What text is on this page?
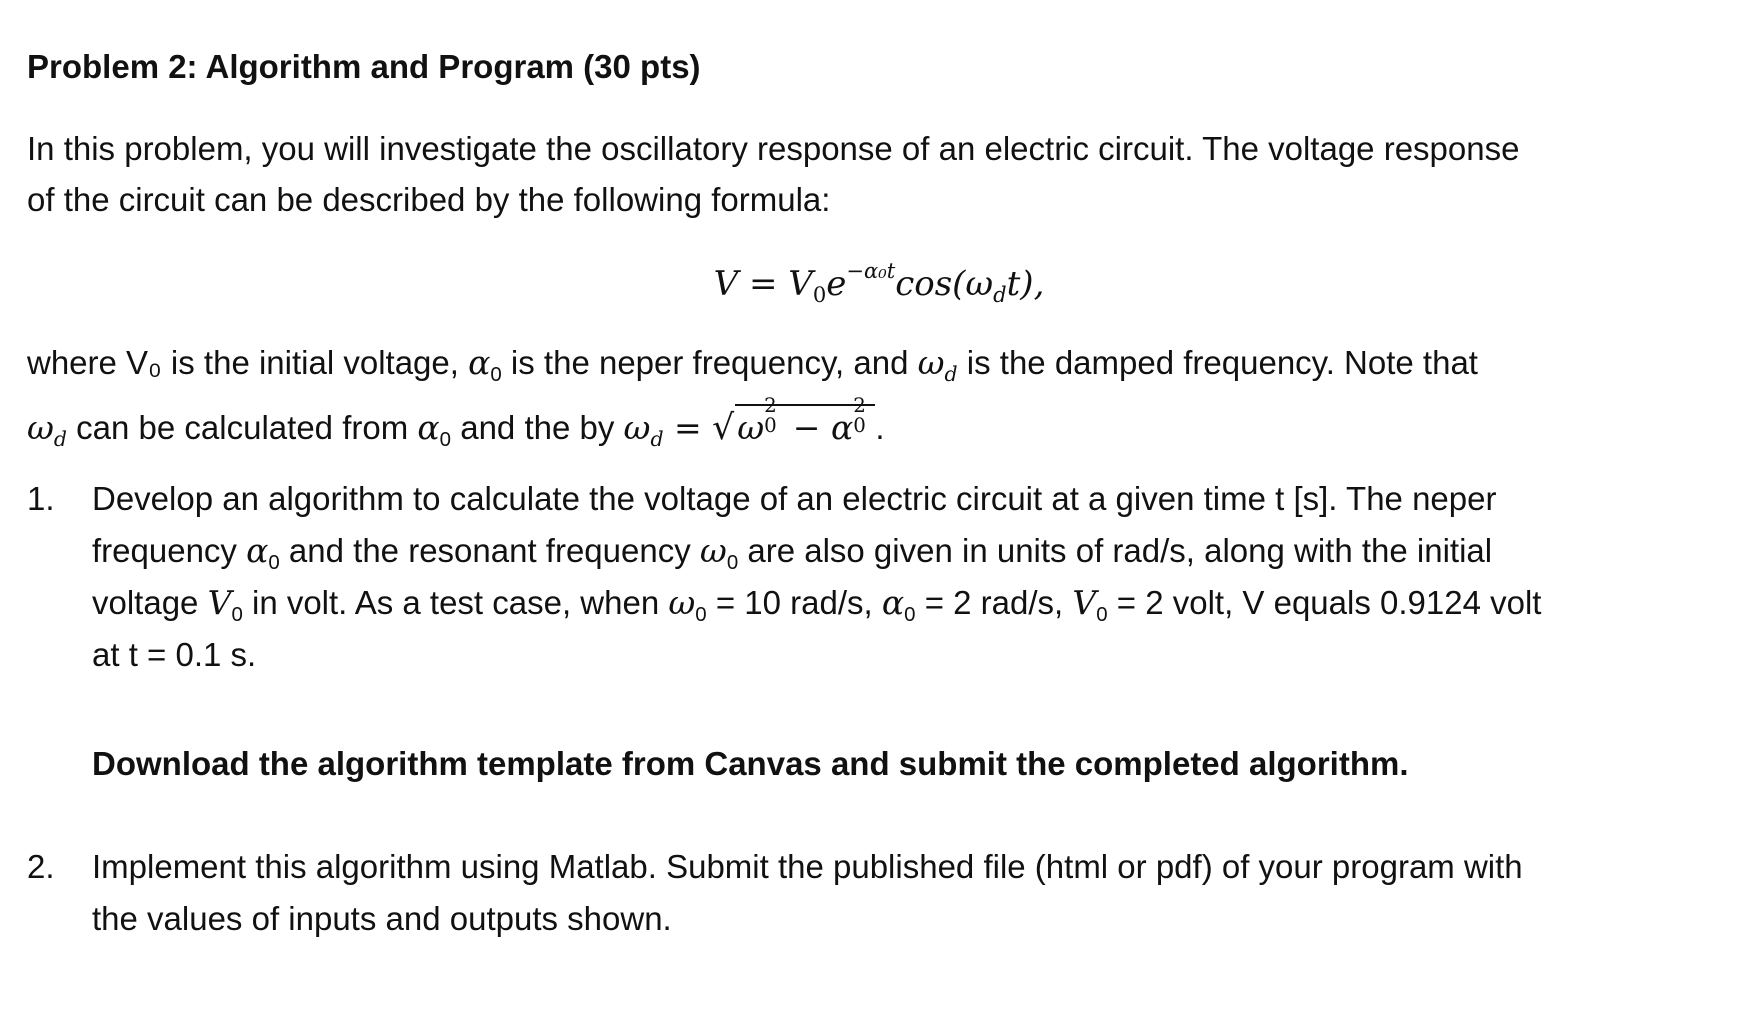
Problem 2: Algorithm and Program (30 pts)
In this problem, you will investigate the oscillatory response of an electric circuit. The voltage response
of the circuit can be described by the following formula:
$V = V_0e^{-\alpha_0t}\cos(\omega_dt)$,
where V₀ is the initial voltage, $\alpha_0$ is the neper frequency, and $\omega_d$ is the damped frequency. Note that
$\omega_d$ can be calculated from $\alpha_0$ and the by $\omega_d = √\omega$
2
0 − α
2
0 .
1. Develop an algorithm to calculate the voltage of an electric circuit at a given time t [s]. The neper
frequency $\alpha_0$ and the resonant frequency $\omega_0$ are also given in units of rad/s, along with the initial
voltage $V_0$ in volt. As a test case, when $\omega_0 = 10$ rad/s, $\alpha_0 = 2$ rad/s, $V_0 = 2$ volt, V equals 0.9124 volt
at t = 0.1 s.
Download the algorithm template from Canvas and submit the completed algorithm.
2. Implement this algorithm using Matlab. Submit the published file (html or pdf) of your program with
the values of inputs and outputs shown.
